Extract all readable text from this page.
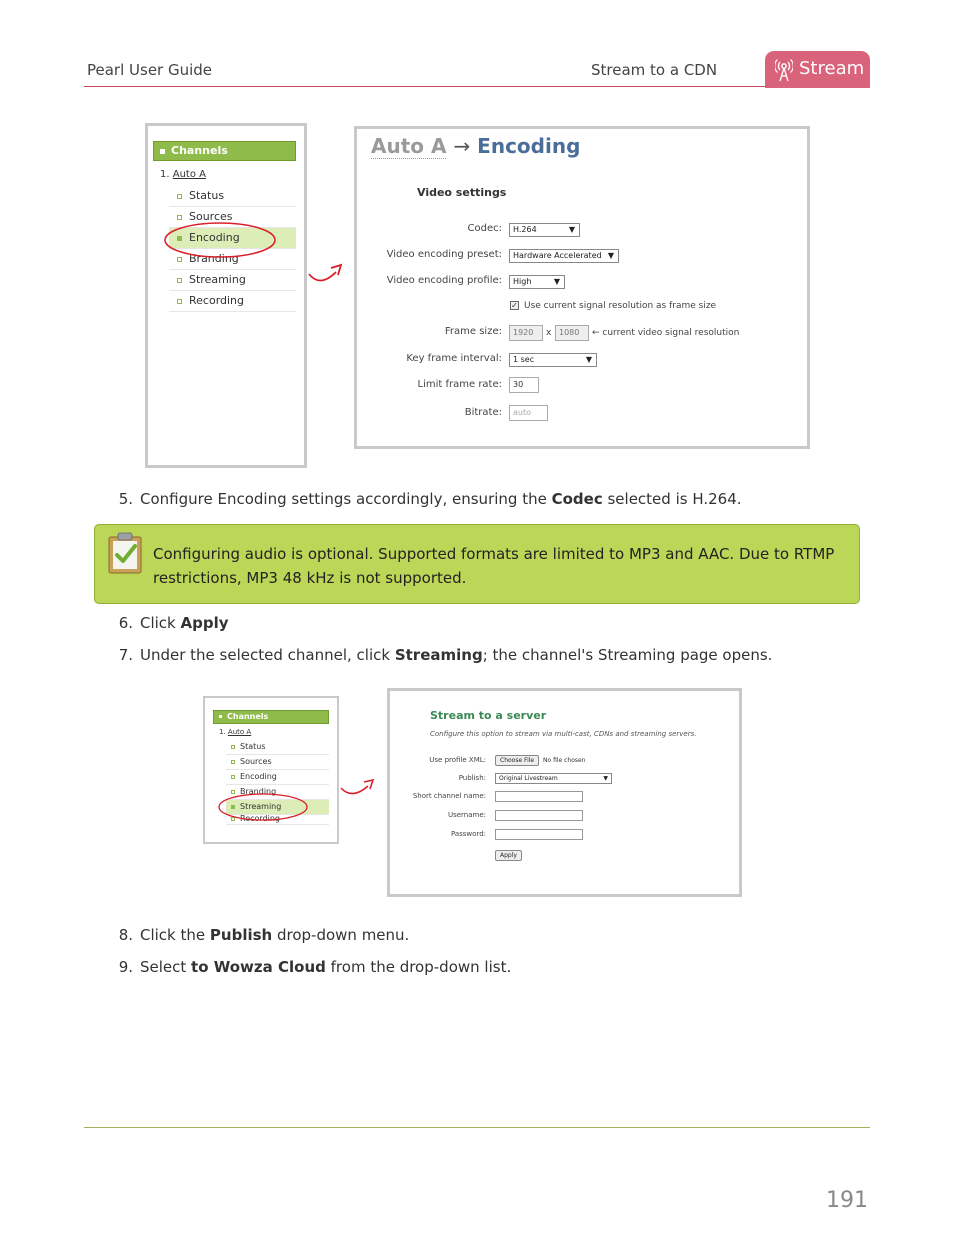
Pearl User Guide	Stream to a CDN	Stream
Channels
1. Auto A
Status
Sources
Encoding
Branding
Streaming
Recording
Auto A → Encoding
Video settings
Codec:	H.264	▼
Video encoding preset:	Hardware Accelerated ▼
Video encoding profile:	High	▼
✓ Use current signal resolution as frame size
Frame size:	1920	x 1080	← current video signal resolution
Key frame interval:	1 sec	▼
Limit frame rate:	30
Bitrate:	auto
5. Configure Encoding settings accordingly, ensuring the Codec selected is H.264.
Configuring audio is optional. Supported formats are limited to MP3 and AAC. Due to RTMP
restrictions, MP3 48 kHz is not supported.
6. Click Apply
7. Under the selected channel, click Streaming; the channel's Streaming page opens.
Channels
1. Auto A
Status
Sources
Encoding
Branding
Streaming
Recording
Stream to a server
Configure this option to stream via multi-cast, CDNs and streaming servers.
Use profile XML:	Choose File	No file chosen
Publish:	Original Livestream	▼
Short channel name:
Username:
Password:
Apply
8. Click the Publish drop-down menu.
9. Select to Wowza Cloud from the drop-down list.
191
